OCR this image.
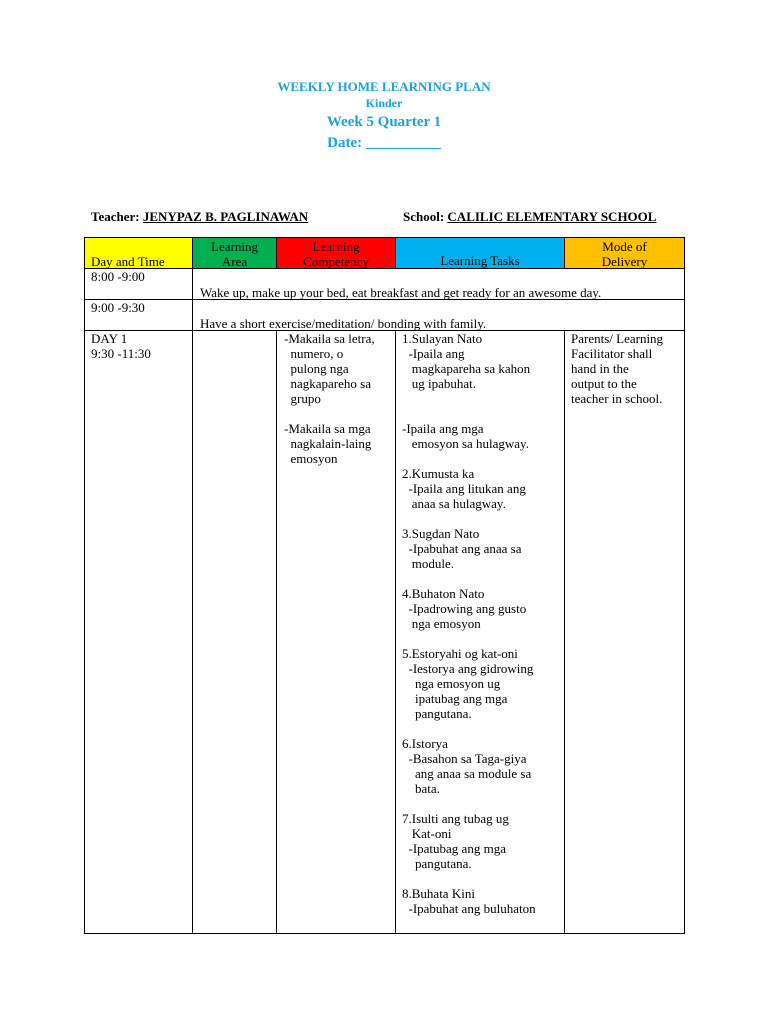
WEEKLY HOME LEARNING PLAN
Kinder
Week 5 Quarter 1
Date: __________
Teacher: JENYPAZ B. PAGLINAWAN	School: CALILIC ELEMENTARY SCHOOL
Day and Time
Learning
Area
Learning
Competency	Learning Tasks
Mode of
Delivery
8:00 -9:00
Wake up, make up your bed, eat breakfast and get ready for an awesome day.
9:00 -9:30
Have a short exercise/meditation/ bonding with family.
DAY 1
9:30 -11:30
-Makaila sa letra,
numero, o
pulong nga
nagkapareho sa
grupo

-Makaila sa mga
nagkalain-laing
emosyon
1.Sulayan Nato
-Ipaila ang
magkapareha sa kahon
ug ipabuhat.

-Ipaila ang mga
emosyon sa hulagway.

2.Kumusta ka
-Ipaila ang litukan ang
anaa sa hulagway.

3.Sugdan Nato
-Ipabuhat ang anaa sa
module.

4.Buhaton Nato
-Ipadrowing ang gusto
nga emosyon

5.Estoryahi og kat-oni
-Iestorya ang gidrowing
nga emosyon ug
ipatubag ang mga
pangutana.

6.Istorya
-Basahon sa Taga-giya
ang anaa sa module sa
bata.

7.Isulti ang tubag ug
Kat-oni
-Ipatubag ang mga
pangutana.

8.Buhata Kini
-Ipabuhat ang buluhaton
Parents/ Learning
Facilitator shall
hand in the
output to the
teacher in school.
